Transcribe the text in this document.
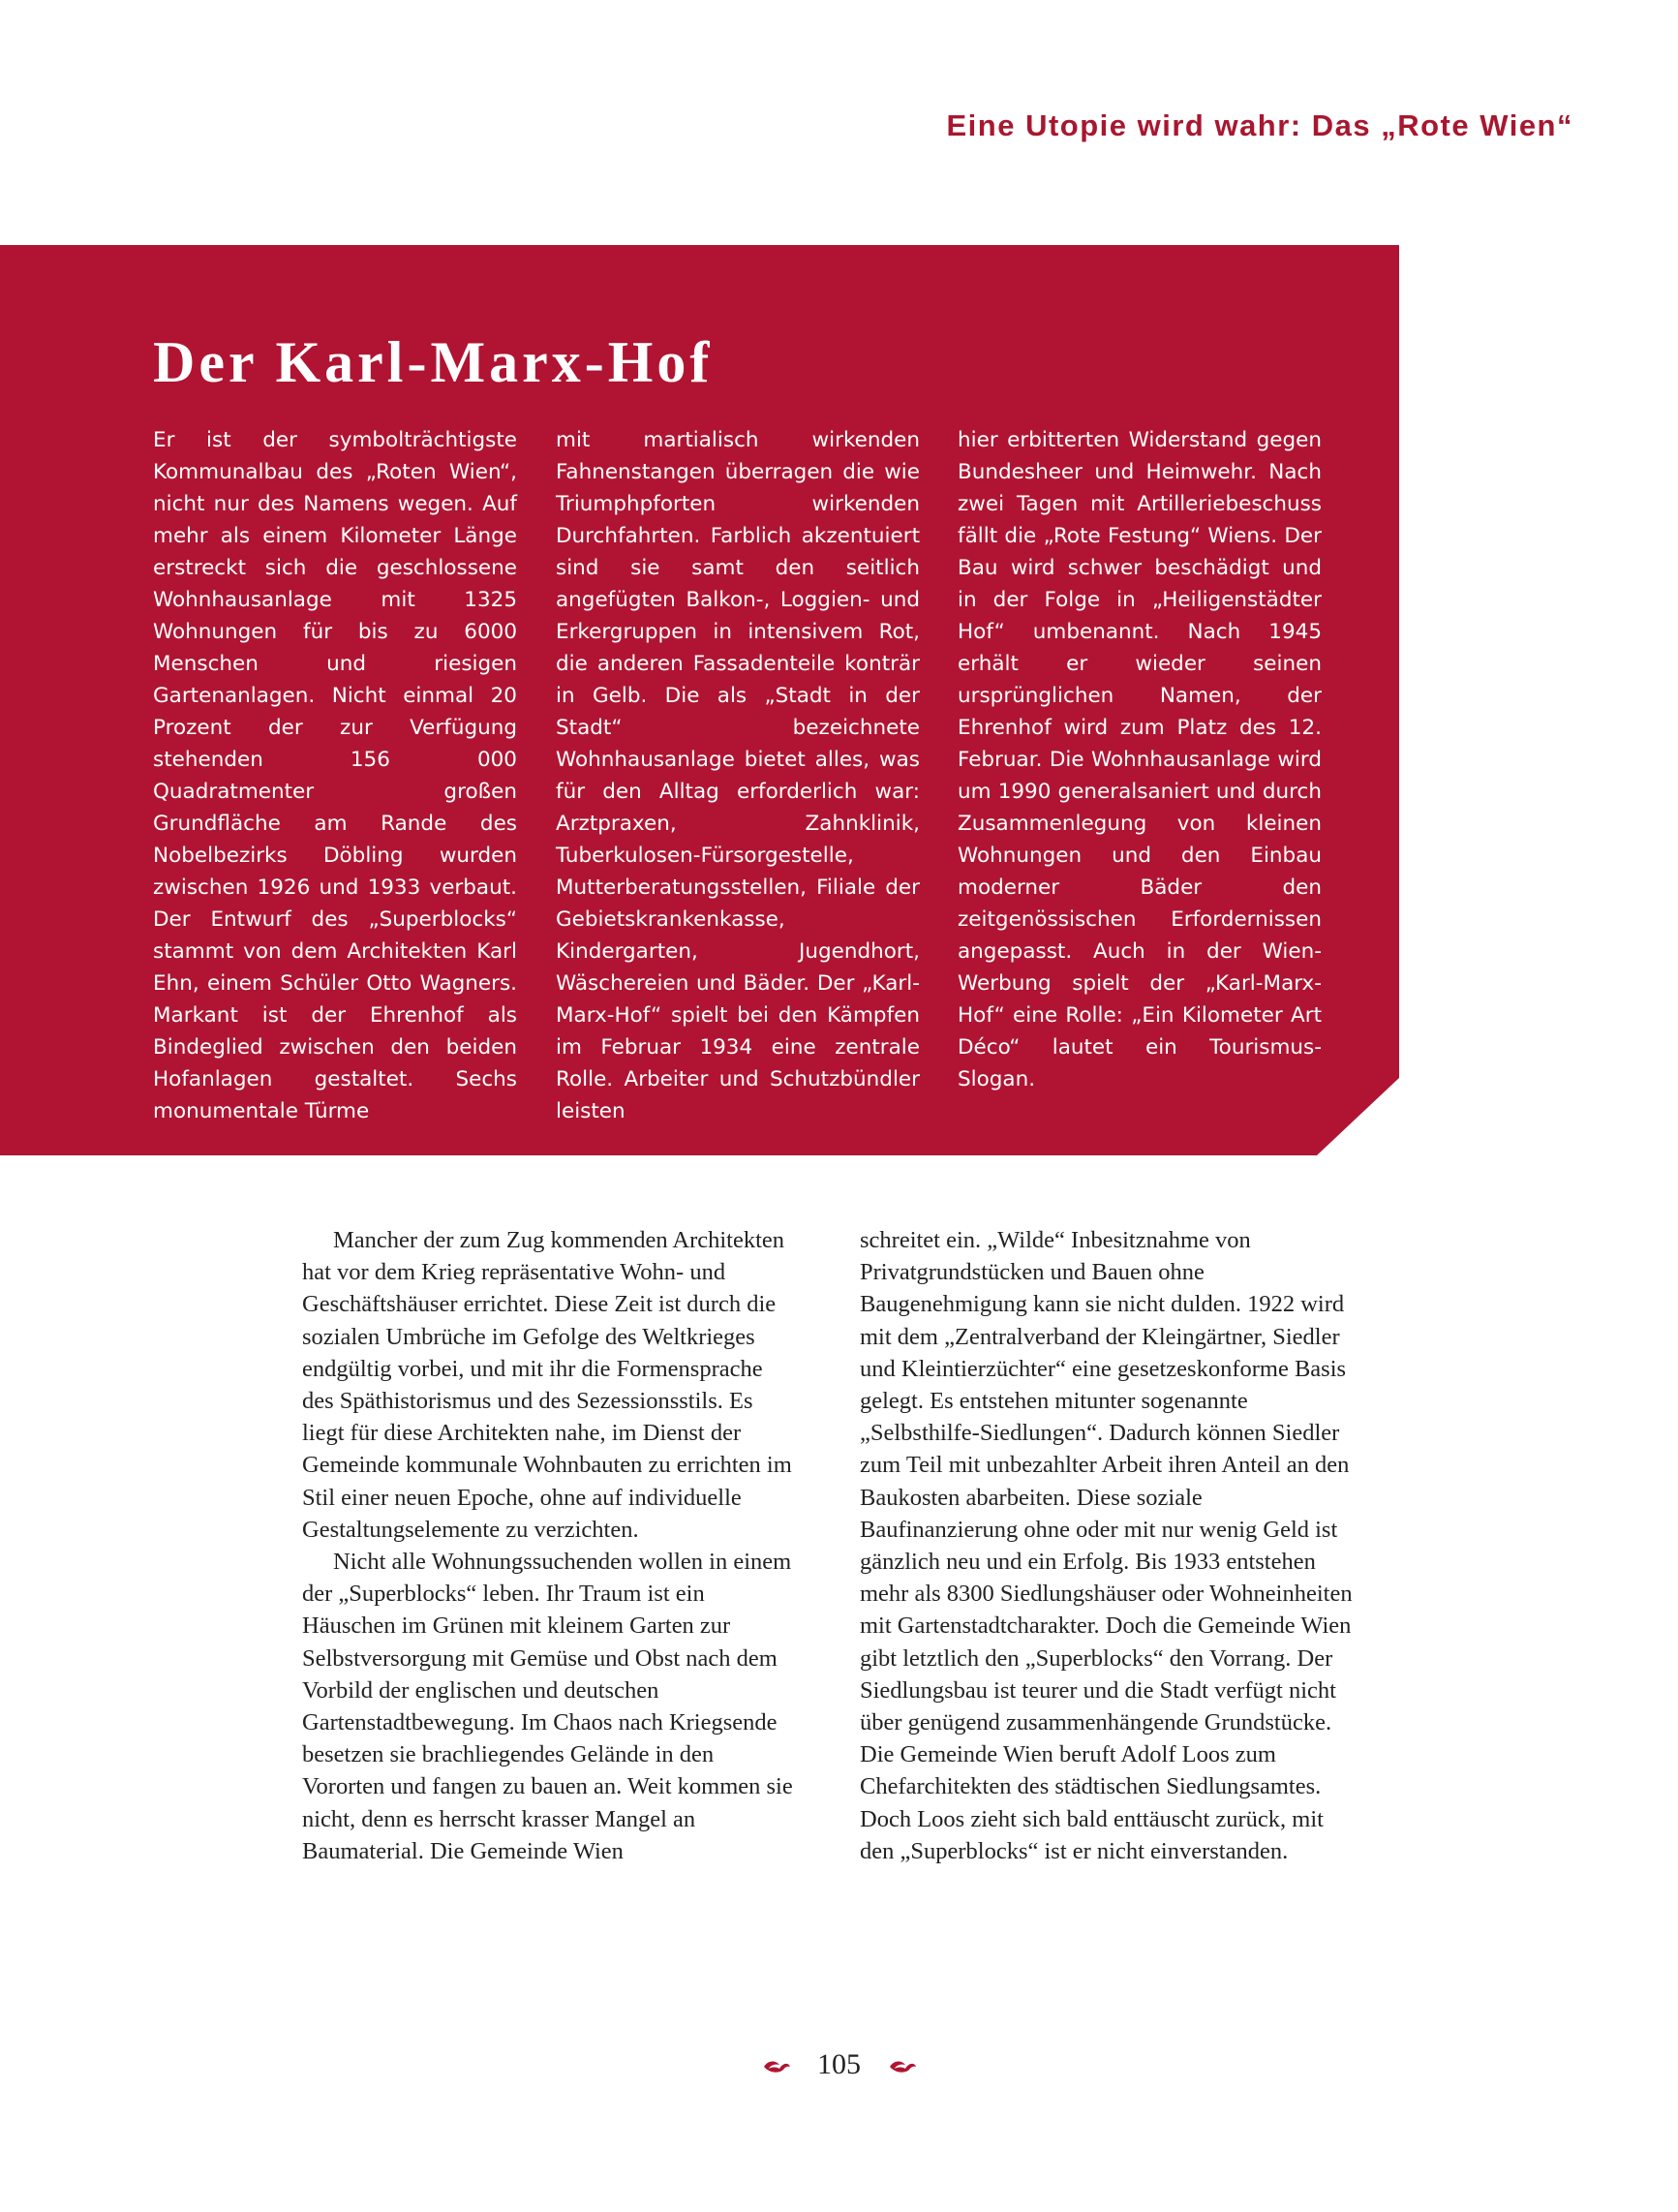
Eine Utopie wird wahr: Das „Rote Wien“
Der Karl-Marx-Hof
Er ist der symbolträchtigste Kommunalbau des „Roten Wien“, nicht nur des Namens wegen. Auf mehr als einem Kilometer Länge erstreckt sich die geschlossene Wohnhausanlage mit 1325 Wohnungen für bis zu 6000 Menschen und riesigen Gartenanlagen. Nicht einmal 20 Prozent der zur Verfügung stehenden 156 000 Quadratmenter großen Grundfläche am Rande des Nobelbezirks Döbling wurden zwischen 1926 und 1933 verbaut. Der Entwurf des „Superblocks“ stammt von dem Architekten Karl Ehn, einem Schüler Otto Wagners. Markant ist der Ehrenhof als Bindeglied zwischen den beiden Hofanlagen gestaltet. Sechs monumentale Türme
mit martialisch wirkenden Fahnenstangen überragen die wie Triumphpforten wirkenden Durchfahrten. Farblich akzentuiert sind sie samt den seitlich angefügten Balkon-, Loggien- und Erkergruppen in intensivem Rot, die anderen Fassadenteile konträr in Gelb. Die als „Stadt in der Stadt“ bezeichnete Wohnhausanlage bietet alles, was für den Alltag erforderlich war: Arztpraxen, Zahnklinik, Tuberkulosen-Fürsorgestelle, Mutterberatungsstellen, Filiale der Gebietskrankenkasse, Kindergarten, Jugendhort, Wäschereien und Bäder. Der „Karl-Marx-Hof“ spielt bei den Kämpfen im Februar 1934 eine zentrale Rolle. Arbeiter und Schutzbündler leisten
hier erbitterten Widerstand gegen Bundesheer und Heimwehr. Nach zwei Tagen mit Artilleriebeschuss fällt die „Rote Festung“ Wiens. Der Bau wird schwer beschädigt und in der Folge in „Heiligenstädter Hof“ umbenannt. Nach 1945 erhält er wieder seinen ursprünglichen Namen, der Ehrenhof wird zum Platz des 12. Februar. Die Wohnhausanlage wird um 1990 generalsaniert und durch Zusammenlegung von kleinen Wohnungen und den Einbau moderner Bäder den zeitgenössischen Erfordernissen angepasst. Auch in der Wien-Werbung spielt der „Karl-Marx-Hof“ eine Rolle: „Ein Kilometer Art Déco“ lautet ein Tourismus-Slogan.

Mancher der zum Zug kommenden Architekten hat vor dem Krieg repräsentative Wohn- und Geschäftshäuser errichtet. Diese Zeit ist durch die sozialen Umbrüche im Gefolge des Weltkrieges endgültig vorbei, und mit ihr die Formensprache des Späthistorismus und des Sezessionsstils. Es liegt für diese Architekten nahe, im Dienst der Gemeinde kommunale Wohnbauten zu errichten im Stil einer neuen Epoche, ohne auf individuelle Gestaltungselemente zu verzichten.

Nicht alle Wohnungssuchenden wollen in einem der „Superblocks“ leben. Ihr Traum ist ein Häuschen im Grünen mit kleinem Garten zur Selbstversorgung mit Gemüse und Obst nach dem Vorbild der englischen und deutschen Gartenstadtbewegung. Im Chaos nach Kriegsende besetzen sie brachliegendes Gelände in den Vororten und fangen zu bauen an. Weit kommen sie nicht, denn es herrscht krasser Mangel an Baumaterial. Die Gemeinde Wien

schreitet ein. „Wilde“ Inbesitznahme von Privatgrundstücken und Bauen ohne Baugenehmigung kann sie nicht dulden. 1922 wird mit dem „Zentralverband der Kleingärtner, Siedler und Kleintierzüchter“ eine gesetzeskonforme Basis gelegt. Es entstehen mitunter sogenannte „Selbsthilfe-Siedlungen“. Dadurch können Siedler zum Teil mit unbezahlter Arbeit ihren Anteil an den Baukosten abarbeiten. Diese soziale Baufinanzierung ohne oder mit nur wenig Geld ist gänzlich neu und ein Erfolg. Bis 1933 entstehen mehr als 8300 Siedlungshäuser oder Wohneinheiten mit Gartenstadtcharakter. Doch die Gemeinde Wien gibt letztlich den „Superblocks“ den Vorrang. Der Siedlungsbau ist teurer und die Stadt verfügt nicht über genügend zusammenhängende Grundstücke. Die Gemeinde Wien beruft Adolf Loos zum Chefarchitekten des städtischen Siedlungsamtes. Doch Loos zieht sich bald enttäuscht zurück, mit den „Superblocks“ ist er nicht einverstanden.

105
